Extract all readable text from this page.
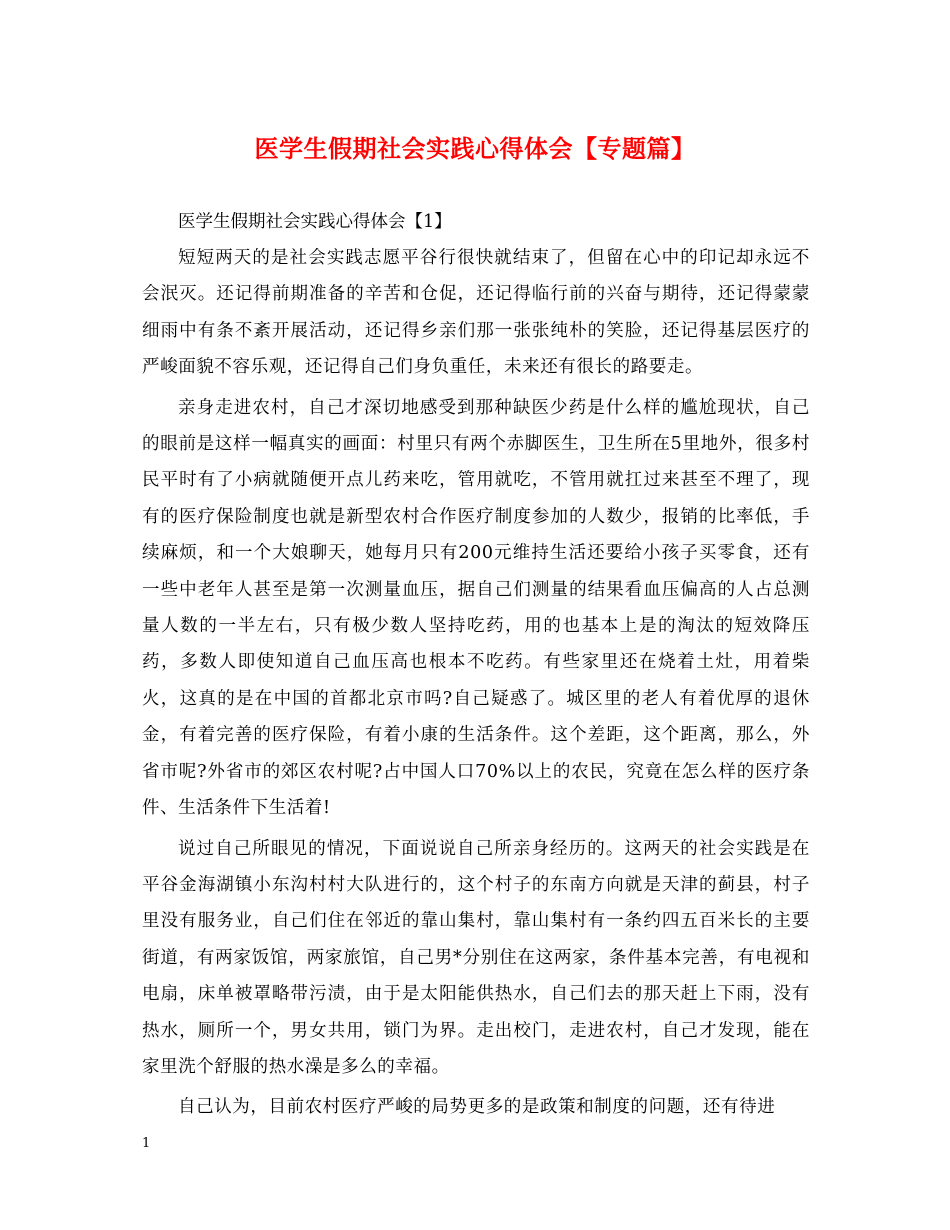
医学生假期社会实践心得体会【专题篇】

医学生假期社会实践心得体会【1】

短短两天的是社会实践志愿平谷行很快就结束了，但留在心中的印记却永远不会泯灭。还记得前期准备的辛苦和仓促，还记得临行前的兴奋与期待，还记得蒙蒙细雨中有条不紊开展活动，还记得乡亲们那一张张纯朴的笑脸，还记得基层医疗的严峻面貌不容乐观，还记得自己们身负重任，未来还有很长的路要走。

亲身走进农村，自己才深切地感受到那种缺医少药是什么样的尴尬现状，自己的眼前是这样一幅真实的画面：村里只有两个赤脚医生，卫生所在5里地外，很多村民平时有了小病就随便开点儿药来吃，管用就吃，不管用就扛过来甚至不理了，现有的医疗保险制度也就是新型农村合作医疗制度参加的人数少，报销的比率低，手续麻烦，和一个大娘聊天，她每月只有200元维持生活还要给小孩子买零食，还有一些中老年人甚至是第一次测量血压，据自己们测量的结果看血压偏高的人占总测量人数的一半左右，只有极少数人坚持吃药，用的也基本上是的淘汰的短效降压药，多数人即使知道自己血压高也根本不吃药。有些家里还在烧着土灶，用着柴火，这真的是在中国的首都北京市吗?自己疑惑了。城区里的老人有着优厚的退休金，有着完善的医疗保险，有着小康的生活条件。这个差距，这个距离，那么，外省市呢?外省市的郊区农村呢?占中国人口70%以上的农民，究竟在怎么样的医疗条件、生活条件下生活着!

说过自己所眼见的情况，下面说说自己所亲身经历的。这两天的社会实践是在平谷金海湖镇小东沟村村大队进行的，这个村子的东南方向就是天津的蓟县，村子里没有服务业，自己们住在邻近的靠山集村，靠山集村有一条约四五百米长的主要街道，有两家饭馆，两家旅馆，自己男*分别住在这两家，条件基本完善，有电视和电扇，床单被罩略带污渍，由于是太阳能供热水，自己们去的那天赶上下雨，没有热水，厕所一个，男女共用，锁门为界。走出校门，走进农村，自己才发现，能在家里洗个舒服的热水澡是多么的幸福。

自己认为，目前农村医疗严峻的局势更多的是政策和制度的问题，还有待进

1
